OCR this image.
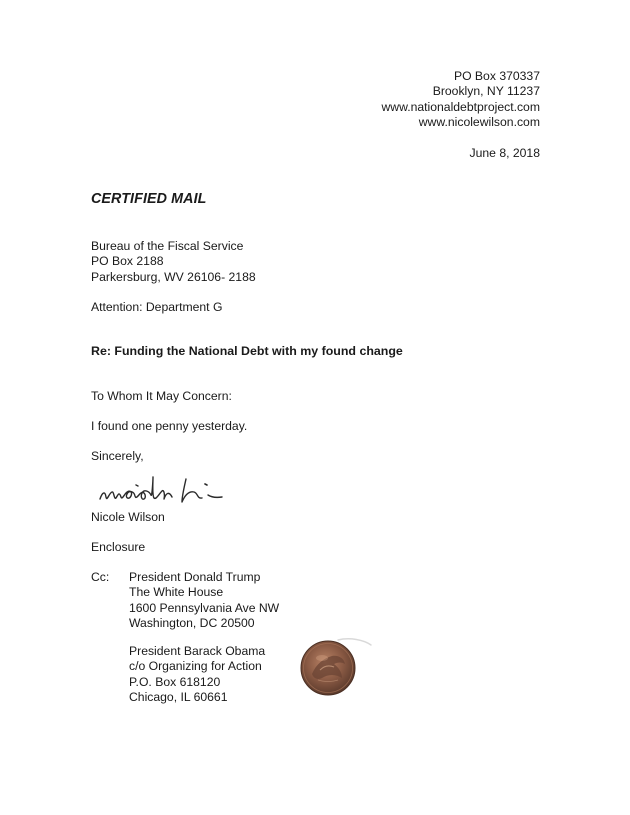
PO Box 370337
Brooklyn, NY 11237
www.nationaldebtproject.com
www.nicolewilson.com
June 8, 2018
CERTIFIED MAIL
Bureau of the Fiscal Service
PO Box 2188
Parkersburg, WV 26106- 2188
Attention: Department G
Re: Funding the National Debt with my found change
To Whom It May Concern:
I found one penny yesterday.
Sincerely,
Nicole Wilson
Enclosure
Cc: President Donald Trump
The White House
1600 Pennsylvania Ave NW
Washington, DC 20500
President Barack Obama
c/o Organizing for Action
P.O. Box 618120
Chicago, IL 60661
